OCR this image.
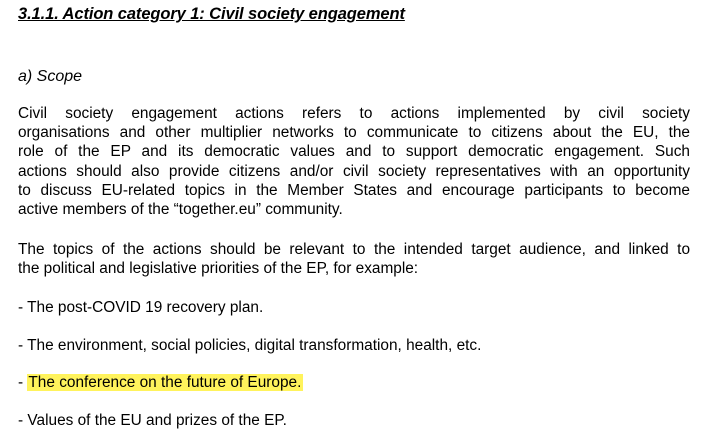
3.1.1. Action category 1: Civil society engagement
a) Scope

Civil society engagement actions refers to actions implemented by civil society
organisations and other multiplier networks to communicate to citizens about the EU, the
role of the EP and its democratic values and to support democratic engagement. Such
actions should also provide citizens and/or civil society representatives with an opportunity
to discuss EU-related topics in the Member States and encourage participants to become
active members of the “together.eu” community.

The topics of the actions should be relevant to the intended target audience, and linked to
the political and legislative priorities of the EP, for example:

- The post-COVID 19 recovery plan.
- The environment, social policies, digital transformation, health, etc.
- The conference on the future of Europe.
- Values of the EU and prizes of the EP.
